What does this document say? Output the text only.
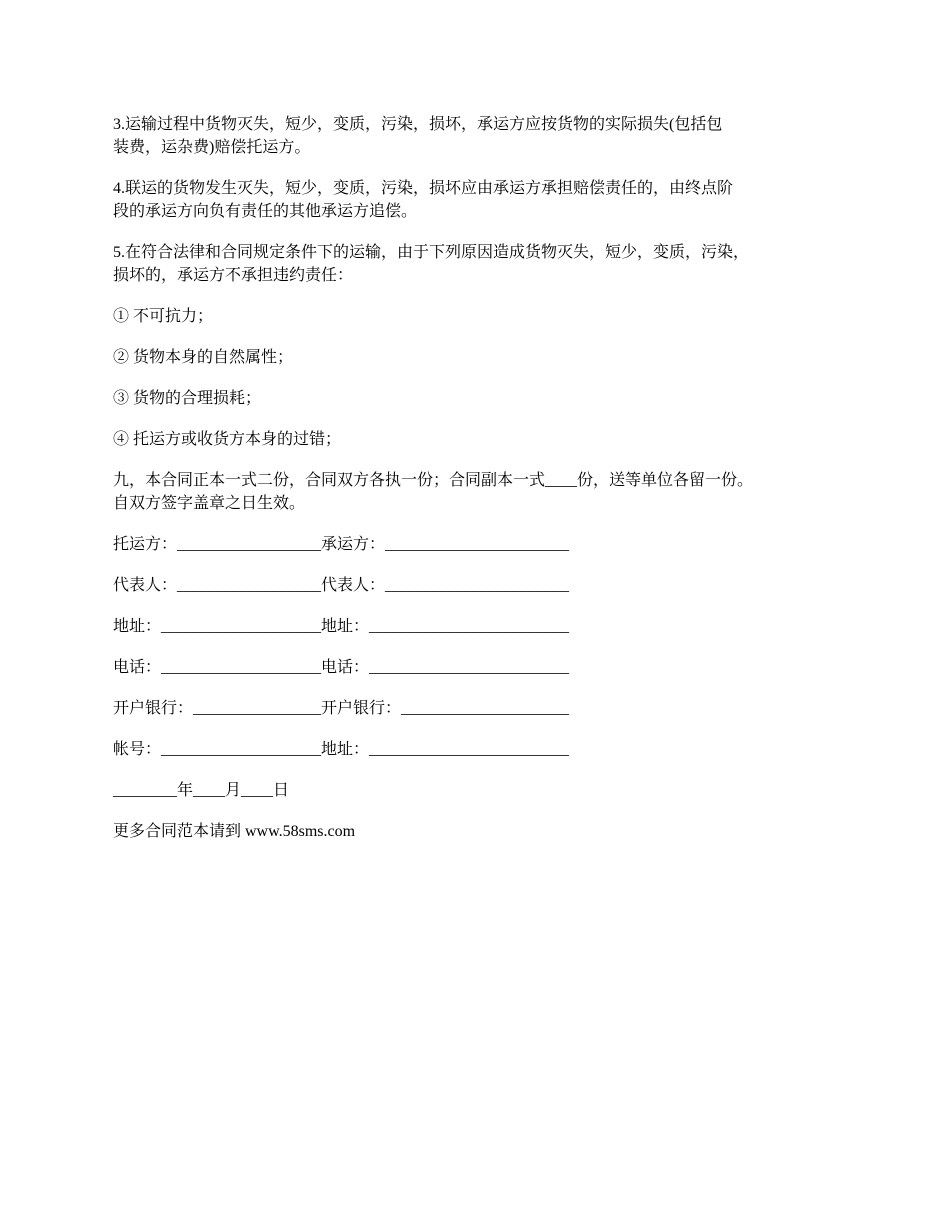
3.运输过程中货物灭失，短少，变质，污染，损坏，承运方应按货物的实际损失(包括包
装费，运杂费)赔偿托运方。

4.联运的货物发生灭失，短少，变质，污染，损坏应由承运方承担赔偿责任的，由终点阶
段的承运方向负有责任的其他承运方追偿。

5.在符合法律和合同规定条件下的运输，由于下列原因造成货物灭失，短少，变质，污染，
损坏的，承运方不承担违约责任：

① 不可抗力；

② 货物本身的自然属性；

③ 货物的合理损耗；

④ 托运方或收货方本身的过错；

九，本合同正本一式二份，合同双方各执一份；合同副本一式____份，送等单位各留一份。
自双方签字盖章之日生效。

托运方：__________________承运方：_______________________

代表人：__________________代表人：_______________________

地址：____________________地址：_________________________

电话：____________________电话：_________________________

开户银行：________________开户银行：_____________________

帐号：____________________地址：_________________________

________年____月____日

更多合同范本请到 www.58sms.com
